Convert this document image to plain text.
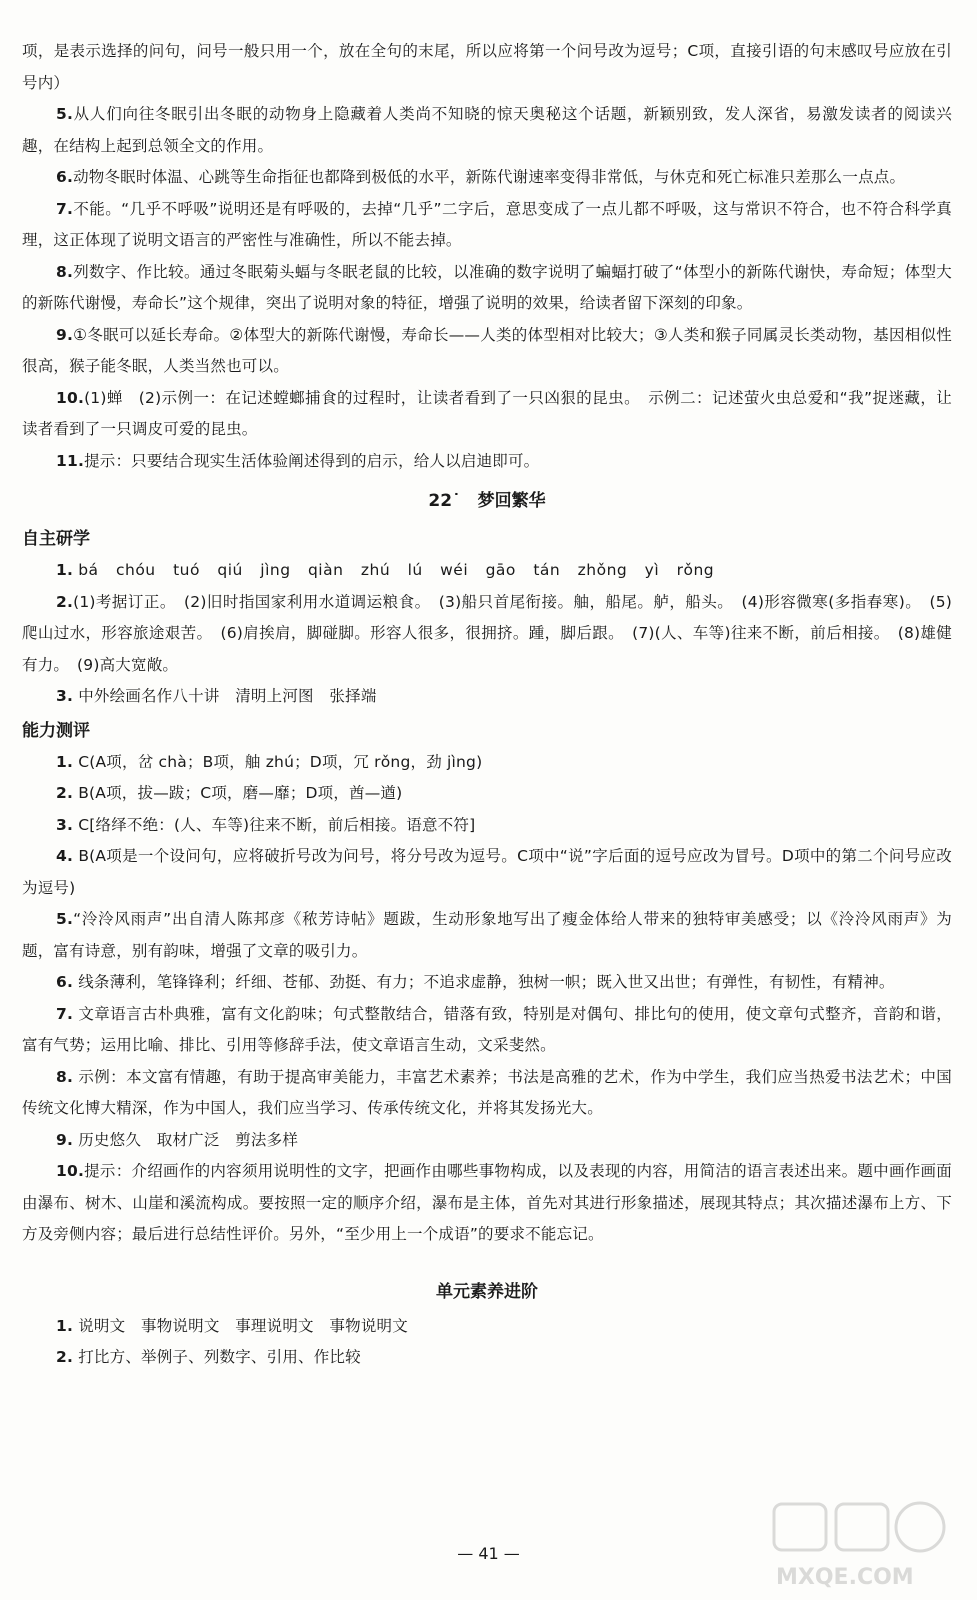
项，是表示选择的问句，问号一般只用一个，放在全句的末尾，所以应将第一个问号改为逗号；C项，直接引语的句末感叹号应放在引号内）

5.从人们向往冬眠引出冬眠的动物身上隐藏着人类尚不知晓的惊天奥秘这个话题，新颖别致，发人深省，易激发读者的阅读兴趣，在结构上起到总领全文的作用。

6.动物冬眠时体温、心跳等生命指征也都降到极低的水平，新陈代谢速率变得非常低，与休克和死亡标准只差那么一点点。

7.不能。“几乎不呼吸”说明还是有呼吸的，去掉“几乎”二字后，意思变成了一点儿都不呼吸，这与常识不符合，也不符合科学真理，这正体现了说明文语言的严密性与准确性，所以不能去掉。

8.列数字、作比较。通过冬眠菊头蝠与冬眠老鼠的比较，以准确的数字说明了蝙蝠打破了“体型小的新陈代谢快，寿命短；体型大的新陈代谢慢，寿命长”这个规律，突出了说明对象的特征，增强了说明的效果，给读者留下深刻的印象。

9.①冬眠可以延长寿命。②体型大的新陈代谢慢，寿命长——人类的体型相对比较大；③人类和猴子同属灵长类动物，基因相似性很高，猴子能冬眠，人类当然也可以。

10.(1)蝉　(2)示例一：在记述螳螂捕食的过程时，让读者看到了一只凶狠的昆虫。　示例二：记述萤火虫总爱和“我”捉迷藏，让读者看到了一只调皮可爱的昆虫。

11.提示：只要结合现实生活体验阐述得到的启示，给人以启迪即可。

22˙　梦回繁华
自主研学

1. bá chóu tuó qiú jìng qiàn zhú lú wéi gāo tán zhǒng yì rǒng

2.(1)考据订正。　(2)旧时指国家利用水道调运粮食。　(3)船只首尾衔接。舳，船尾。舻，船头。　(4)形容微寒(多指春寒)。　(5)爬山过水，形容旅途艰苦。　(6)肩挨肩，脚碰脚。形容人很多，很拥挤。踵，脚后跟。　(7)(人、车等)往来不断，前后相接。　(8)雄健有力。　(9)高大宽敞。

3. 中外绘画名作八十讲　清明上河图　张择端

能力测评

1. C(A项，岔 chà；B项，舳 zhú；D项，冗 rǒng，劲 jìng)

2. B(A项，拔—跋；C项，磨—靡；D项，酋—遒)

3. C[络绎不绝：(人、车等)往来不断，前后相接。语意不符]

4. B(A项是一个设问句，应将破折号改为问号，将分号改为逗号。C项中“说”字后面的逗号应改为冒号。D项中的第二个问号应改为逗号)

5.“泠泠风雨声”出自清人陈邦彦《秾芳诗帖》题跋，生动形象地写出了瘦金体给人带来的独特审美感受；以《泠泠风雨声》为题，富有诗意，别有韵味，增强了文章的吸引力。

6. 线条薄利，笔锋锋利；纤细、苍郁、劲挺、有力；不追求虚静，独树一帜；既入世又出世；有弹性，有韧性，有精神。

7. 文章语言古朴典雅，富有文化韵味；句式整散结合，错落有致，特别是对偶句、排比句的使用，使文章句式整齐，音韵和谐，富有气势；运用比喻、排比、引用等修辞手法，使文章语言生动，文采斐然。

8. 示例：本文富有情趣，有助于提高审美能力，丰富艺术素养；书法是高雅的艺术，作为中学生，我们应当热爱书法艺术；中国传统文化博大精深，作为中国人，我们应当学习、传承传统文化，并将其发扬光大。

9. 历史悠久　取材广泛　剪法多样

10.提示：介绍画作的内容须用说明性的文字，把画作由哪些事物构成，以及表现的内容，用简洁的语言表述出来。题中画作画面由瀑布、树木、山崖和溪流构成。要按照一定的顺序介绍，瀑布是主体，首先对其进行形象描述，展现其特点；其次描述瀑布上方、下方及旁侧内容；最后进行总结性评价。另外，“至少用上一个成语”的要求不能忘记。

单元素养进阶

1. 说明文　事物说明文　事理说明文　事物说明文

2. 打比方、举例子、列数字、引用、作比较

— 41 —
MXQE.COM
